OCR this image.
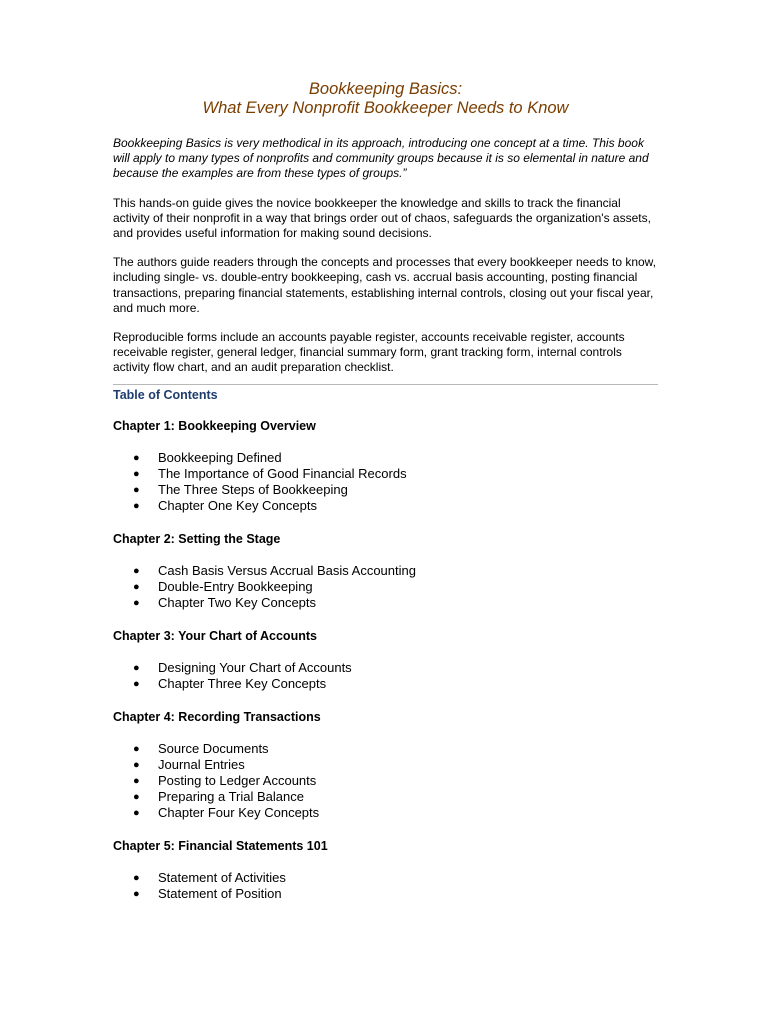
Bookkeeping Basics:
What Every Nonprofit Bookkeeper Needs to Know

Bookkeeping Basics is very methodical in its approach, introducing one concept at a time. This book will apply to many types of nonprofits and community groups because it is so elemental in nature and because the examples are from these types of groups.”

This hands-on guide gives the novice bookkeeper the knowledge and skills to track the financial activity of their nonprofit in a way that brings order out of chaos, safeguards the organization's assets, and provides useful information for making sound decisions.

The authors guide readers through the concepts and processes that every bookkeeper needs to know, including single- vs. double-entry bookkeeping, cash vs. accrual basis accounting, posting financial transactions, preparing financial statements, establishing internal controls, closing out your fiscal year, and much more.

Reproducible forms include an accounts payable register, accounts receivable register, accounts receivable register, general ledger, financial summary form, grant tracking form, internal controls activity flow chart, and an audit preparation checklist.

Table of Contents
Chapter 1: Bookkeeping Overview
● Bookkeeping Defined
● The Importance of Good Financial Records
● The Three Steps of Bookkeeping
● Chapter One Key Concepts
Chapter 2: Setting the Stage
● Cash Basis Versus Accrual Basis Accounting
● Double-Entry Bookkeeping
● Chapter Two Key Concepts
Chapter 3: Your Chart of Accounts
● Designing Your Chart of Accounts
● Chapter Three Key Concepts
Chapter 4: Recording Transactions
● Source Documents
● Journal Entries
● Posting to Ledger Accounts
● Preparing a Trial Balance
● Chapter Four Key Concepts
Chapter 5: Financial Statements 101
● Statement of Activities
● Statement of Position
